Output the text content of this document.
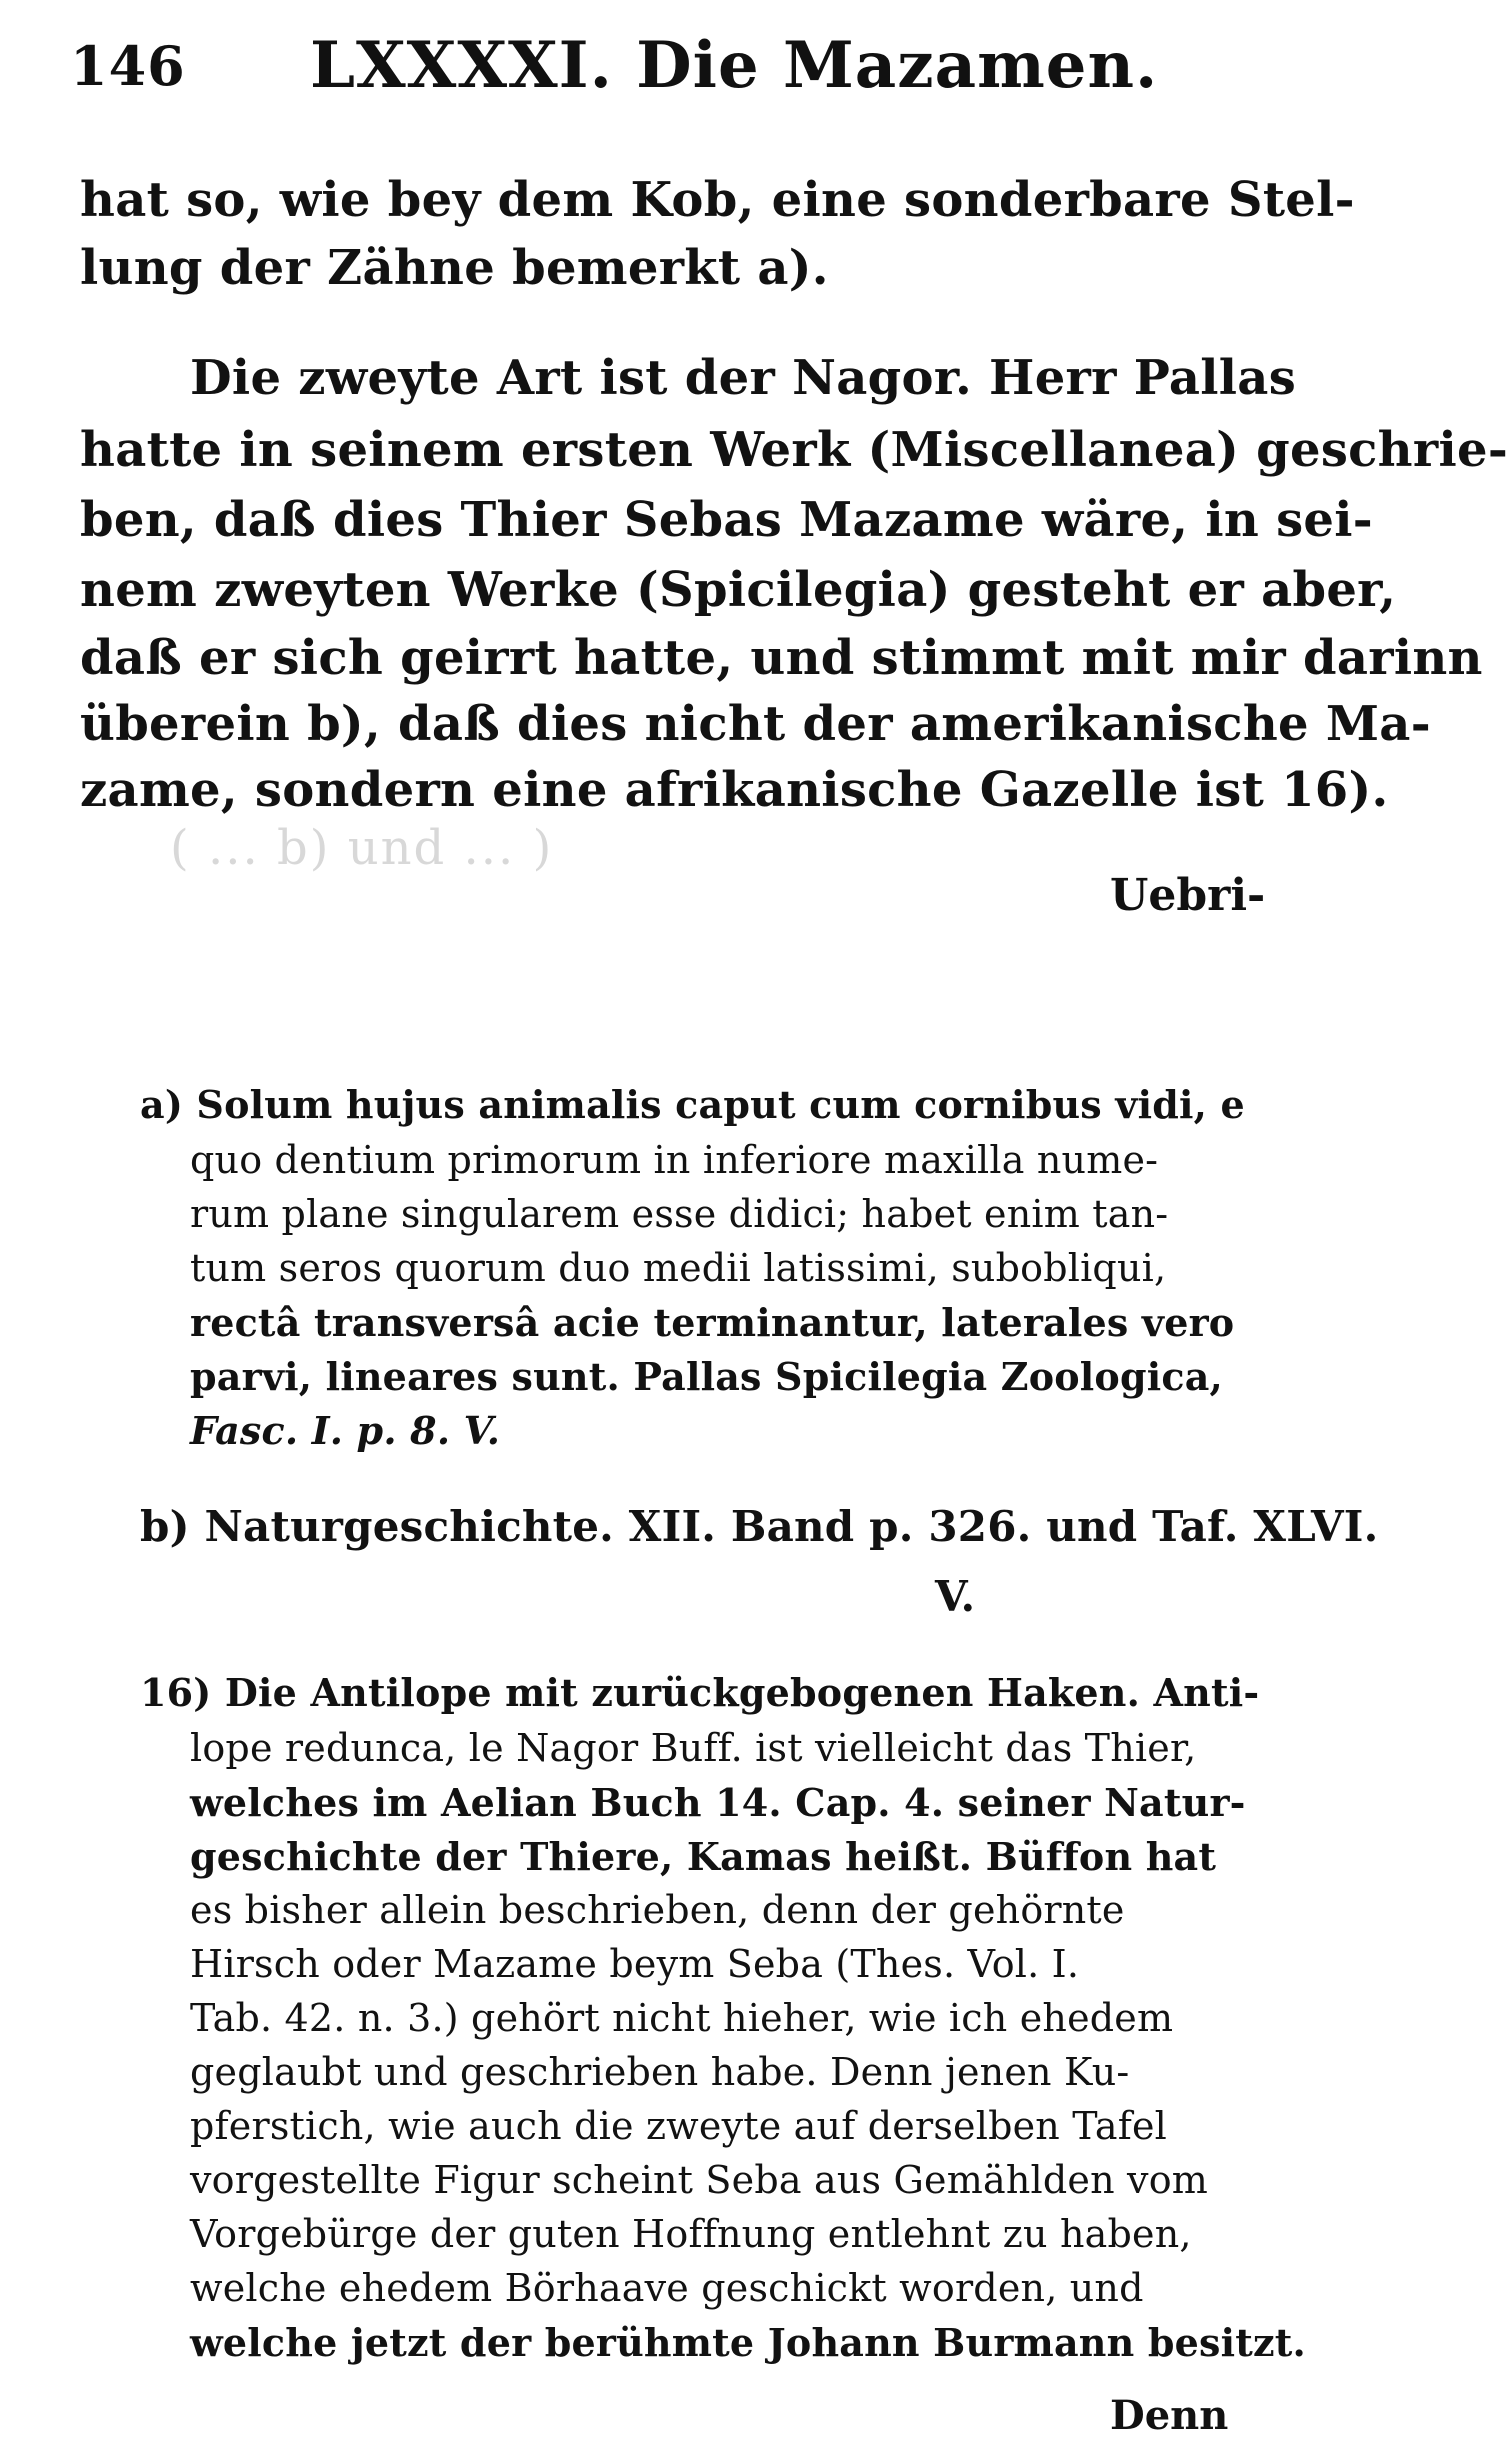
146 LXXXXI. Die Mazamen.
hat so, wie bey dem Kob, eine sonderbare Stel-
lung der Zähne bemerkt a).
Die zweyte Art ist der Nagor. Herr Pallas
hatte in seinem ersten Werk (Miscellanea) geschrie-
ben, daß dies Thier Sebas Mazame wäre, in sei-
nem zweyten Werke (Spicilegia) gesteht er aber,
daß er sich geirrt hatte, und stimmt mit mir darinn
überein b), daß dies nicht der amerikanische Ma-
zame, sondern eine afrikanische Gazelle ist 16).
( ... b) und ... )
Uebri-
a) Solum hujus animalis caput cum cornibus vidi, e
quo dentium primorum in inferiore maxilla nume-
rum plane singularem esse didici; habet enim tan-
tum seros quorum duo medii latissimi, subobliqui,
rectâ transversâ acie terminantur, laterales vero
parvi, lineares sunt. Pallas Spicilegia Zoologica,
Fasc. I. p. 8. V.
b) Naturgeschichte. XII. Band p. 326. und Taf. XLVI.
V.
16) Die Antilope mit zurückgebogenen Haken. Anti-
lope redunca, le Nagor Buff. ist vielleicht das Thier,
welches im Aelian Buch 14. Cap. 4. seiner Natur-
geschichte der Thiere, Kamas heißt. Büffon hat
es bisher allein beschrieben, denn der gehörnte
Hirsch oder Mazame beym Seba (Thes. Vol. I.
Tab. 42. n. 3.) gehört nicht hieher, wie ich ehedem
geglaubt und geschrieben habe. Denn jenen Ku-
pferstich, wie auch die zweyte auf derselben Tafel
vorgestellte Figur scheint Seba aus Gemählden vom
Vorgebürge der guten Hoffnung entlehnt zu haben,
welche ehedem Börhaave geschickt worden, und
welche jetzt der berühmte Johann Burmann besitzt.
Denn
